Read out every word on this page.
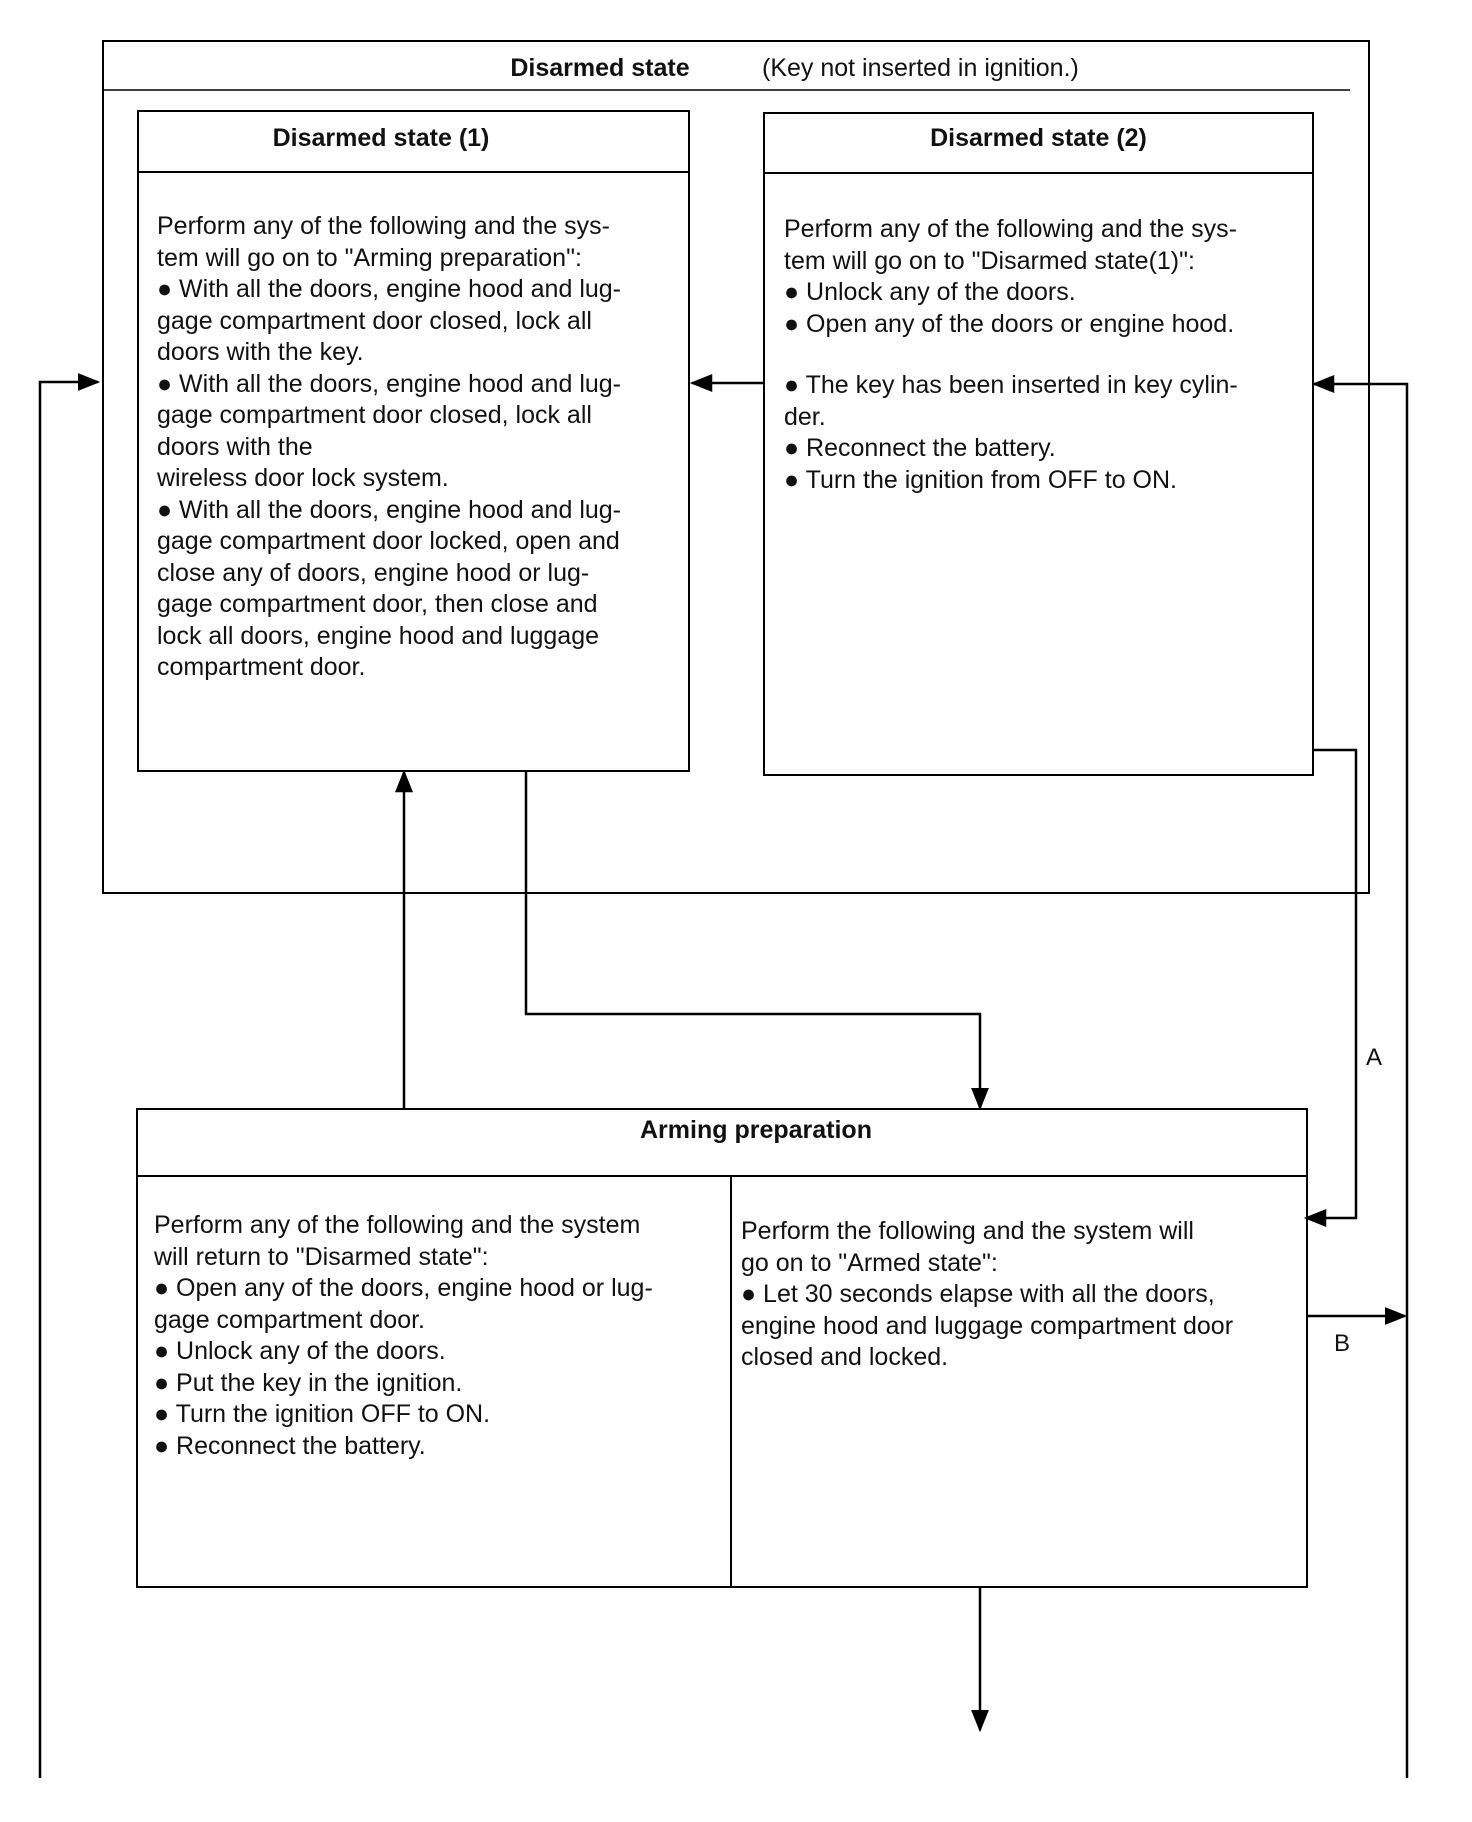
Disarmed state	(Key not inserted in ignition.)
Disarmed state (1)

Perform any of the following and the sys-

tem will go on to "Arming preparation":

● With all the doors, engine hood and lug-

gage compartment door closed, lock all

doors with the key.

● With all the doors, engine hood and lug-

gage compartment door closed, lock all

doors with the

wireless door lock system.

● With all the doors, engine hood and lug-

gage compartment door locked, open and

close any of doors, engine hood or lug-

gage compartment door, then close and

lock all doors, engine hood and luggage

compartment door.

Disarmed state (2)

Perform any of the following and the sys-

tem will go on to "Disarmed state(1)":

● Unlock any of the doors.

● Open any of the doors or engine hood.

● The key has been inserted in key cylin-

der.

● Reconnect the battery.

● Turn the ignition from OFF to ON.

Arming preparation

Perform any of the following and the system

will return to "Disarmed state":

● Open any of the doors, engine hood or lug-

gage compartment door.

● Unlock any of the doors.

● Put the key in the ignition.

● Turn the ignition OFF to ON.

● Reconnect the battery.

Perform the following and the system will

go on to "Armed state":

● Let 30 seconds elapse with all the doors,

engine hood and luggage compartment door

closed and locked.

A
B
